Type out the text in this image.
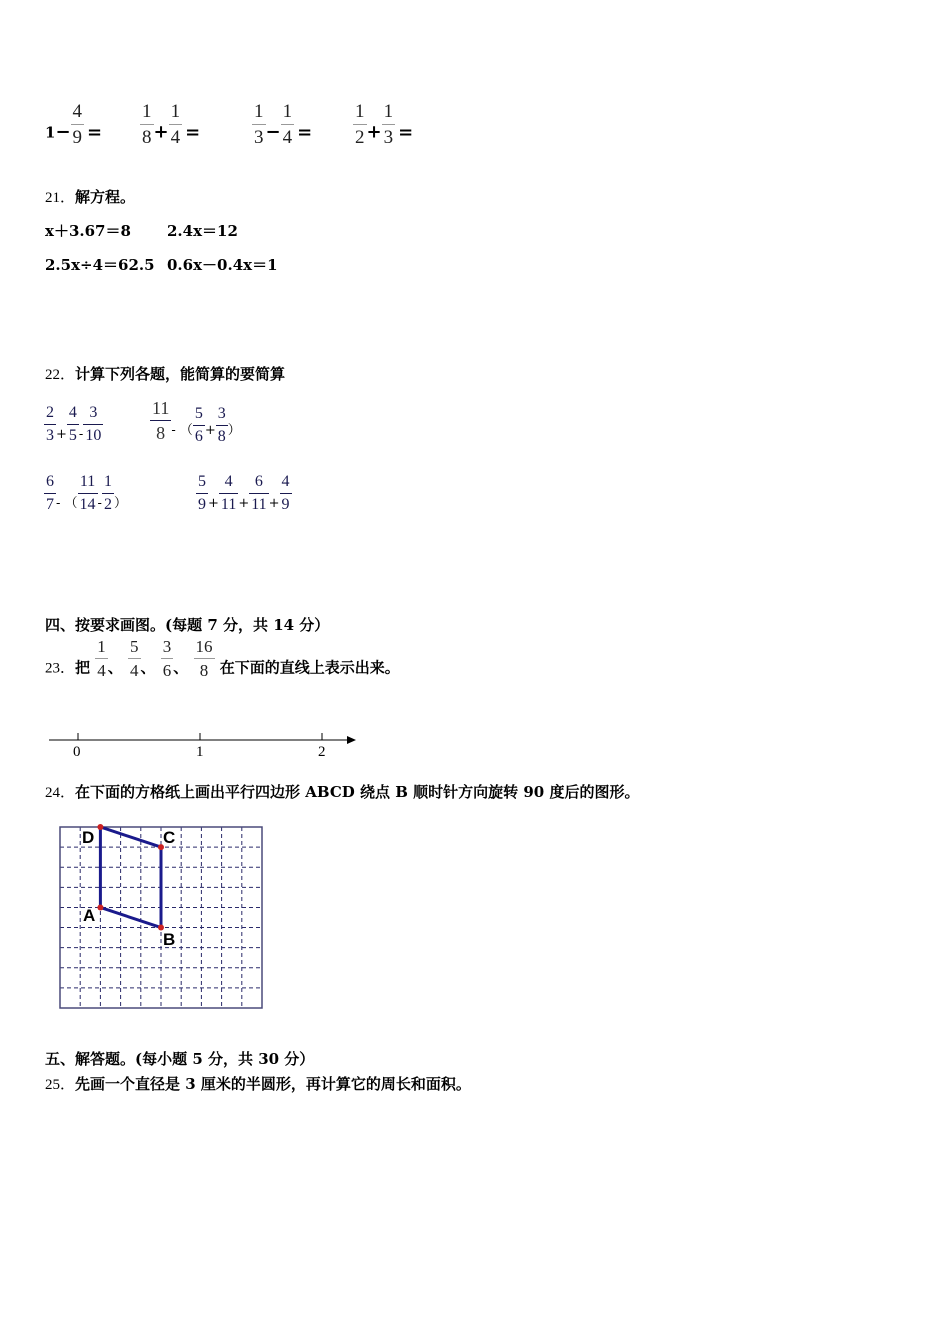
$1- \frac{4}{9} = \frac{1}{8} + \frac{1}{4}$ =	$\frac{1}{3} - \frac{1}{4} = \frac{1}{2} + \frac{1}{3}$ =
21．解方程。
x＋3.67＝8 2.4x＝12
2.5x÷4＝62.5 0.6x－0.4x＝1
22．计算下列各题，能简算的要简算
$\frac{2}{3} _+ \frac{4}{5} _- \frac{3}{10}$	$\frac{11}{8} _{- (} \frac{5}{6} _+ \frac{3}{8} _)$
$\frac{6}{7} _{- (} \frac{11}{14} _- \frac{1}{2} _)$	$\frac{5}{9} _+ \frac{4}{11} _+ \frac{6}{11} _+ \frac{4}{9}$
四、按要求画图。(每题 7 分，共 14 分）
23．把 $\frac{1}{4}$ 、 $\frac{5}{4}$ 、 $\frac{3}{6}$ 、 $\frac{16}{8}$ 在下面的直线上表示出来。
0	1	2
24．在下面的方格纸上画出平行四边形 ABCD 绕点 B 顺时针方向旋转 90 度后的图形。
D	C
A
B
五、解答题。(每小题 5 分，共 30 分）
25．先画一个直径是 3 厘米的半圆形，再计算它的周长和面积。
